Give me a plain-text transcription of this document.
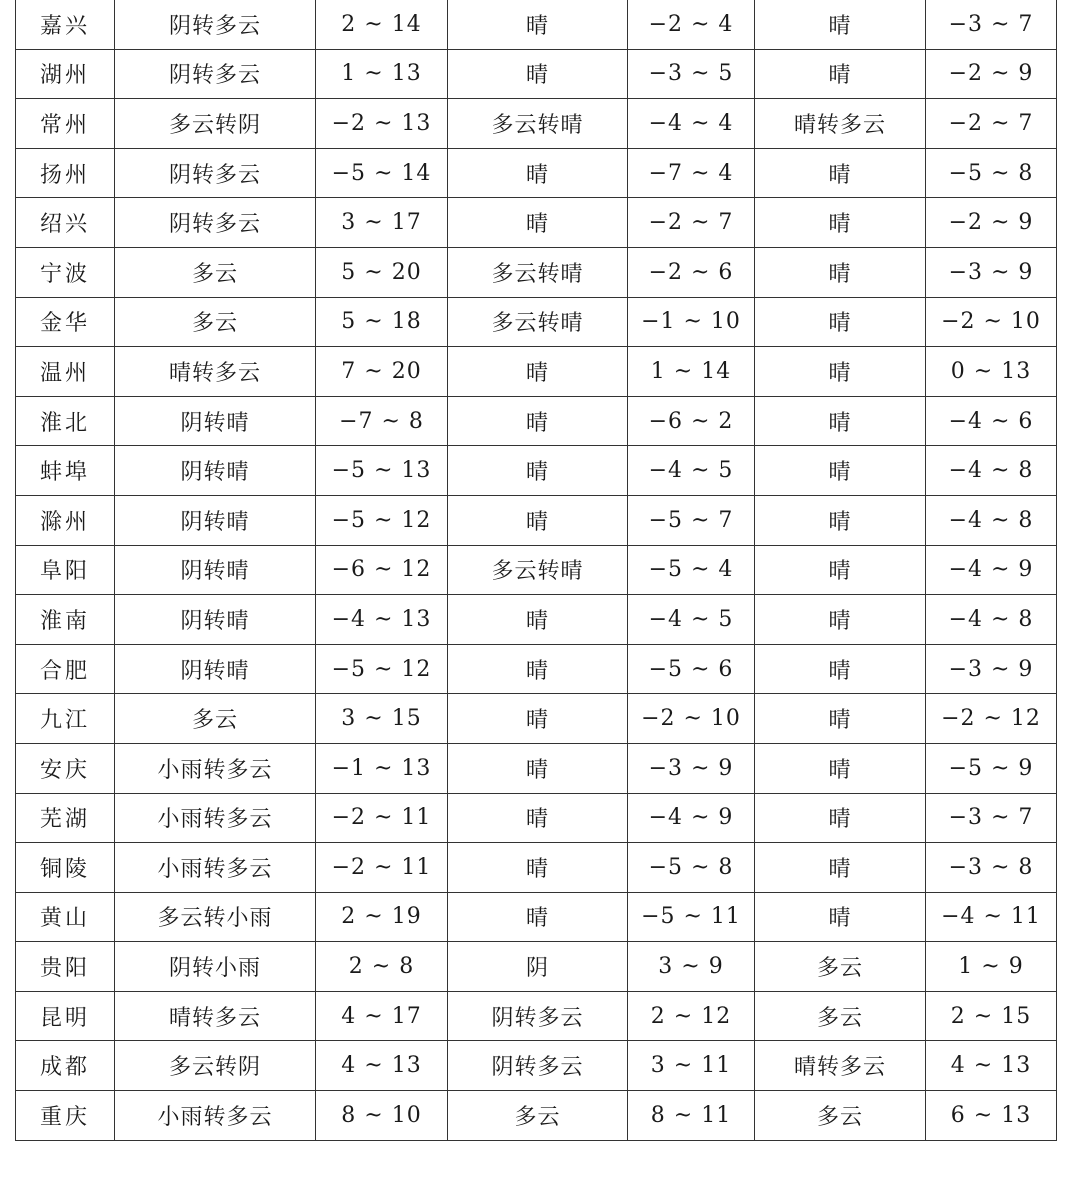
嘉兴	阴转多云	2 ~ 14	晴	−2 ~ 4	晴	−3 ~ 7
湖州	阴转多云	1 ~ 13	晴	−3 ~ 5	晴	−2 ~ 9
常州	多云转阴	−2 ~ 13	多云转晴	−4 ~ 4	晴转多云	−2 ~ 7
扬州	阴转多云	−5 ~ 14	晴	−7 ~ 4	晴	−5 ~ 8
绍兴	阴转多云	3 ~ 17	晴	−2 ~ 7	晴	−2 ~ 9
宁波	多云	5 ~ 20	多云转晴	−2 ~ 6	晴	−3 ~ 9
金华	多云	5 ~ 18	多云转晴	−1 ~ 10	晴	−2 ~ 10
温州	晴转多云	7 ~ 20	晴	1 ~ 14	晴	0 ~ 13
淮北	阴转晴	−7 ~ 8	晴	−6 ~ 2	晴	−4 ~ 6
蚌埠	阴转晴	−5 ~ 13	晴	−4 ~ 5	晴	−4 ~ 8
滁州	阴转晴	−5 ~ 12	晴	−5 ~ 7	晴	−4 ~ 8
阜阳	阴转晴	−6 ~ 12	多云转晴	−5 ~ 4	晴	−4 ~ 9
淮南	阴转晴	−4 ~ 13	晴	−4 ~ 5	晴	−4 ~ 8
合肥	阴转晴	−5 ~ 12	晴	−5 ~ 6	晴	−3 ~ 9
九江	多云	3 ~ 15	晴	−2 ~ 10	晴	−2 ~ 12
安庆	小雨转多云	−1 ~ 13	晴	−3 ~ 9	晴	−5 ~ 9
芜湖	小雨转多云	−2 ~ 11	晴	−4 ~ 9	晴	−3 ~ 7
铜陵	小雨转多云	−2 ~ 11	晴	−5 ~ 8	晴	−3 ~ 8
黄山	多云转小雨	2 ~ 19	晴	−5 ~ 11	晴	−4 ~ 11
贵阳	阴转小雨	2 ~ 8	阴	3 ~ 9	多云	1 ~ 9
昆明	晴转多云	4 ~ 17	阴转多云	2 ~ 12	多云	2 ~ 15
成都	多云转阴	4 ~ 13	阴转多云	3 ~ 11	晴转多云	4 ~ 13
重庆	小雨转多云	8 ~ 10	多云	8 ~ 11	多云	6 ~ 13
